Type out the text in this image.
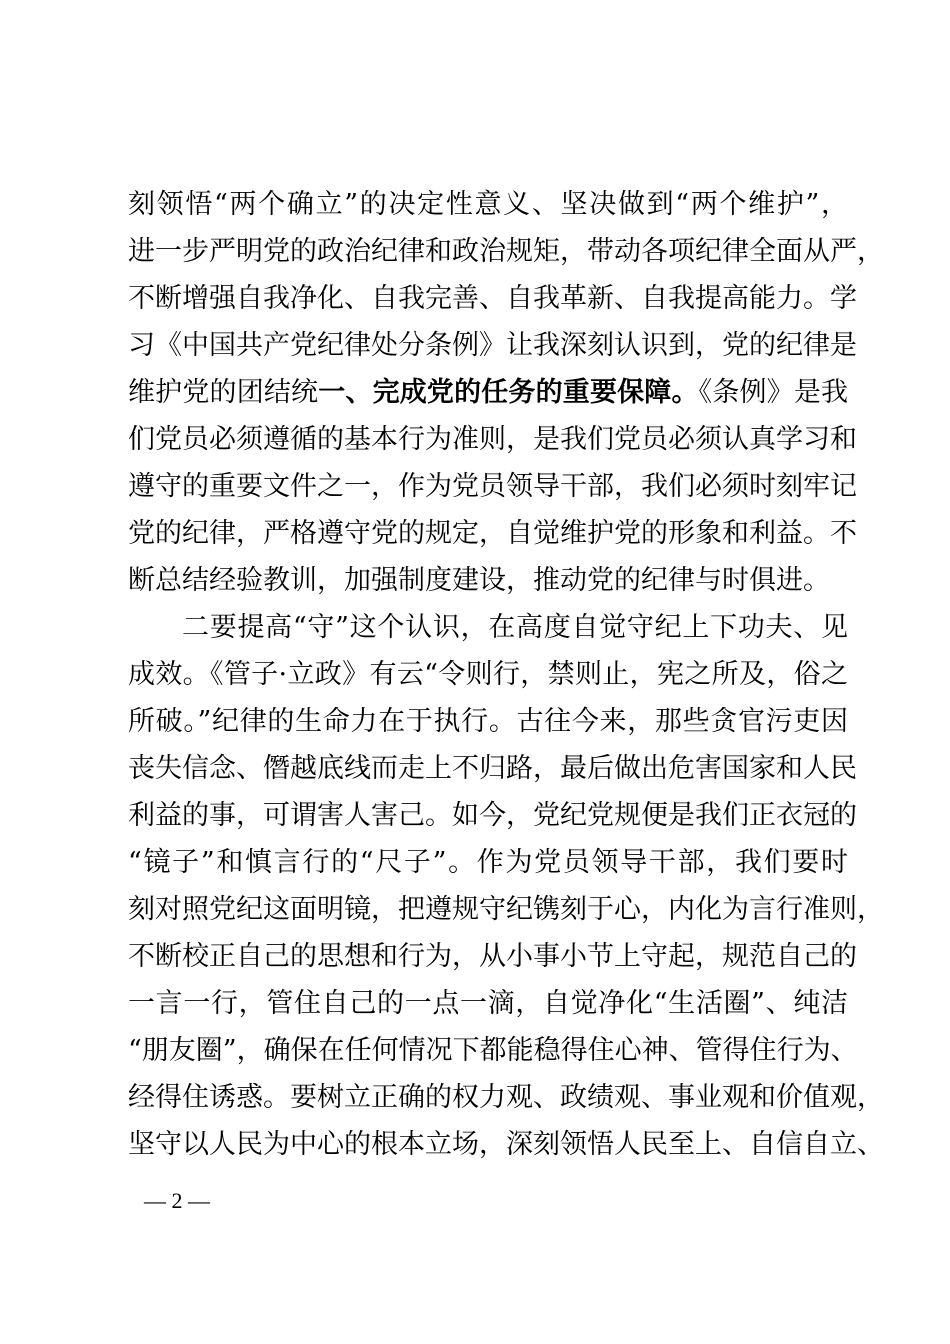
刻领悟“两个确立”的决定性意义、坚决做到“两个维护”，
进一步严明党的政治纪律和政治规矩，带动各项纪律全面从严，
不断增强自我净化、自我完善、自我革新、自我提高能力。学
习《中国共产党纪律处分条例》让我深刻认识到，党的纪律是
维护党的团结统一、完成党的任务的重要保障。《条例》是我
们党员必须遵循的基本行为准则，是我们党员必须认真学习和
遵守的重要文件之一，作为党员领导干部，我们必须时刻牢记
党的纪律，严格遵守党的规定，自觉维护党的形象和利益。不
断总结经验教训，加强制度建设，推动党的纪律与时俱进。
二要提高“守”这个认识，在高度自觉守纪上下功夫、见
成效。《管子·立政》有云“令则行，禁则止，宪之所及，俗之
所破。”纪律的生命力在于执行。古往今来，那些贪官污吏因
丧失信念、僭越底线而走上不归路，最后做出危害国家和人民
利益的事，可谓害人害己。如今，党纪党规便是我们正衣冠的
“镜子”和慎言行的“尺子”。作为党员领导干部，我们要时
刻对照党纪这面明镜，把遵规守纪镌刻于心，内化为言行准则，
不断校正自己的思想和行为，从小事小节上守起，规范自己的
一言一行，管住自己的一点一滴，自觉净化“生活圈”、纯洁
“朋友圈”，确保在任何情况下都能稳得住心神、管得住行为、
经得住诱惑。要树立正确的权力观、政绩观、事业观和价值观，
坚守以人民为中心的根本立场，深刻领悟人民至上、自信自立、
— 2 —
